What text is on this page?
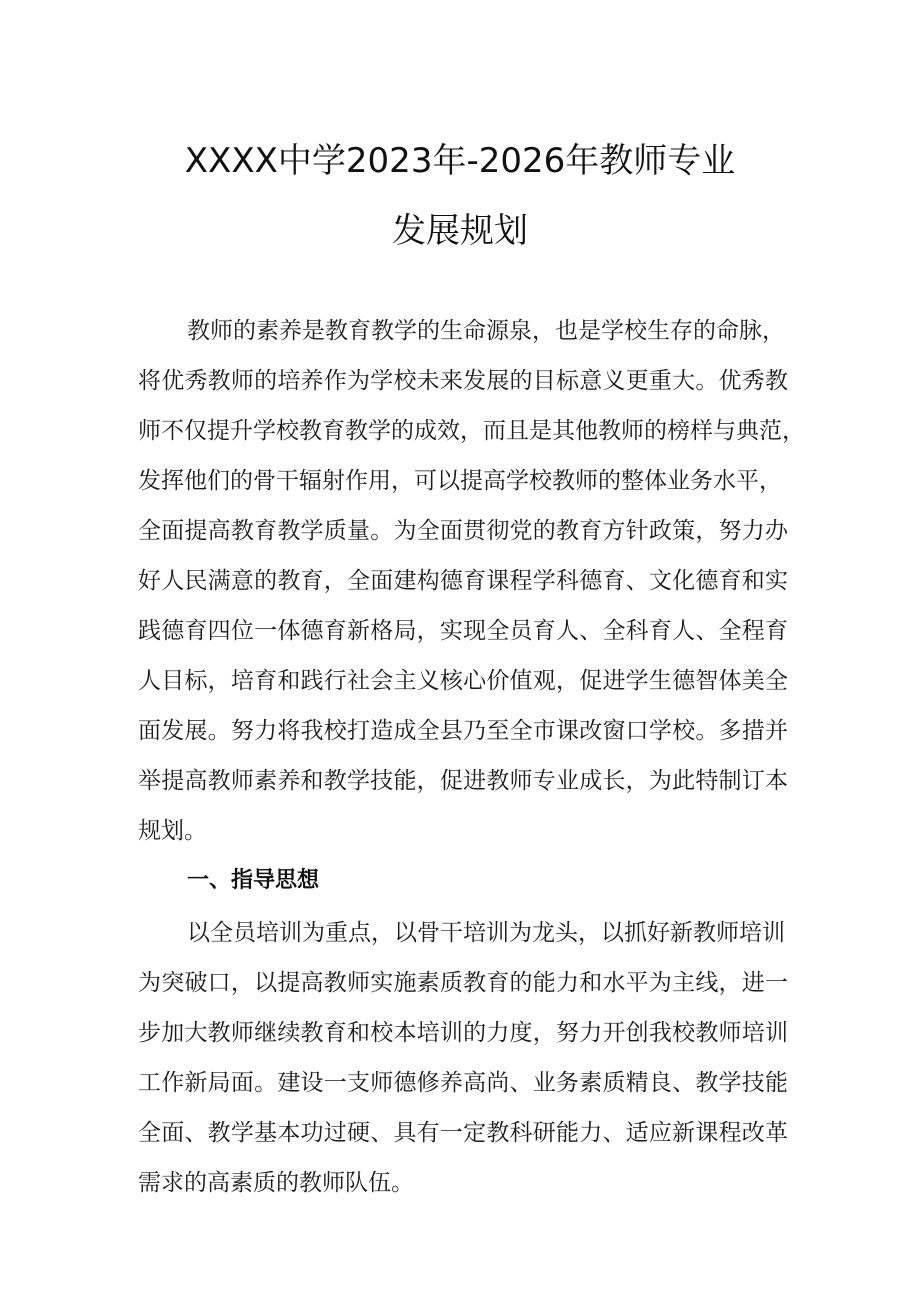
XXXX中学2023年-2026年教师专业
发展规划
教师的素养是教育教学的生命源泉，也是学校生存的命脉，
将优秀教师的培养作为学校未来发展的目标意义更重大。优秀教
师不仅提升学校教育教学的成效，而且是其他教师的榜样与典范，
发挥他们的骨干辐射作用，可以提高学校教师的整体业务水平，
全面提高教育教学质量。为全面贯彻党的教育方针政策，努力办
好人民满意的教育，全面建构德育课程学科德育、文化德育和实
践德育四位一体德育新格局，实现全员育人、全科育人、全程育
人目标，培育和践行社会主义核心价值观，促进学生德智体美全
面发展。努力将我校打造成全县乃至全市课改窗口学校。多措并
举提高教师素养和教学技能，促进教师专业成长，为此特制订本
规划。
一、指导思想
以全员培训为重点，以骨干培训为龙头，以抓好新教师培训
为突破口，以提高教师实施素质教育的能力和水平为主线，进一
步加大教师继续教育和校本培训的力度，努力开创我校教师培训
工作新局面。建设一支师德修养高尚、业务素质精良、教学技能
全面、教学基本功过硬、具有一定教科研能力、适应新课程改革
需求的高素质的教师队伍。
